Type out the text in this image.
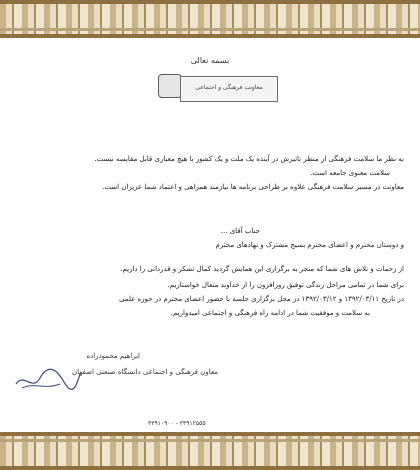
بسمه تعالی
معاونت فرهنگی و اجتماعی
به نظر ما سلامت فرهنگی از منظر تاثیرش در آینده یک ملت و یک کشور با هیچ معیاری قابل مقایسه نیست.
سلامت معنوی جامعه است.
معاونت در مسیر سلامت فرهنگی علاوه بر طراحی برنامه ها نیازمند همراهی و اعتماد شما عزیزان است.
جناب آقای ...
و دوستان محترم و اعضای محترم بسیج مشترک و نهادهای محترم
از زحمات و تلاش های شما که منجر به برگزاری این همایش گردید کمال تشکر و قدردانی را داریم.
برای شما در تمامی مراحل زندگی توفیق روزافزون را از خداوند متعال خواستاریم.
در تاریخ ۱۳۹۲/۰۳/۱۱ و ۱۳۹۲/۰۳/۱۲ در محل برگزاری جلسه با حضور اعضای محترم در حوزه علمی
به سلامت و موفقیت شما در ادامه راه فرهنگی و اجتماعی امیدواریم.
ابراهیم محمودزاده
معاون فرهنگی و اجتماعی دانشگاه صنعتی اصفهان
۳۳۹۱۰۹۰۰ - ۳۳۹۱۲۵۵۵
